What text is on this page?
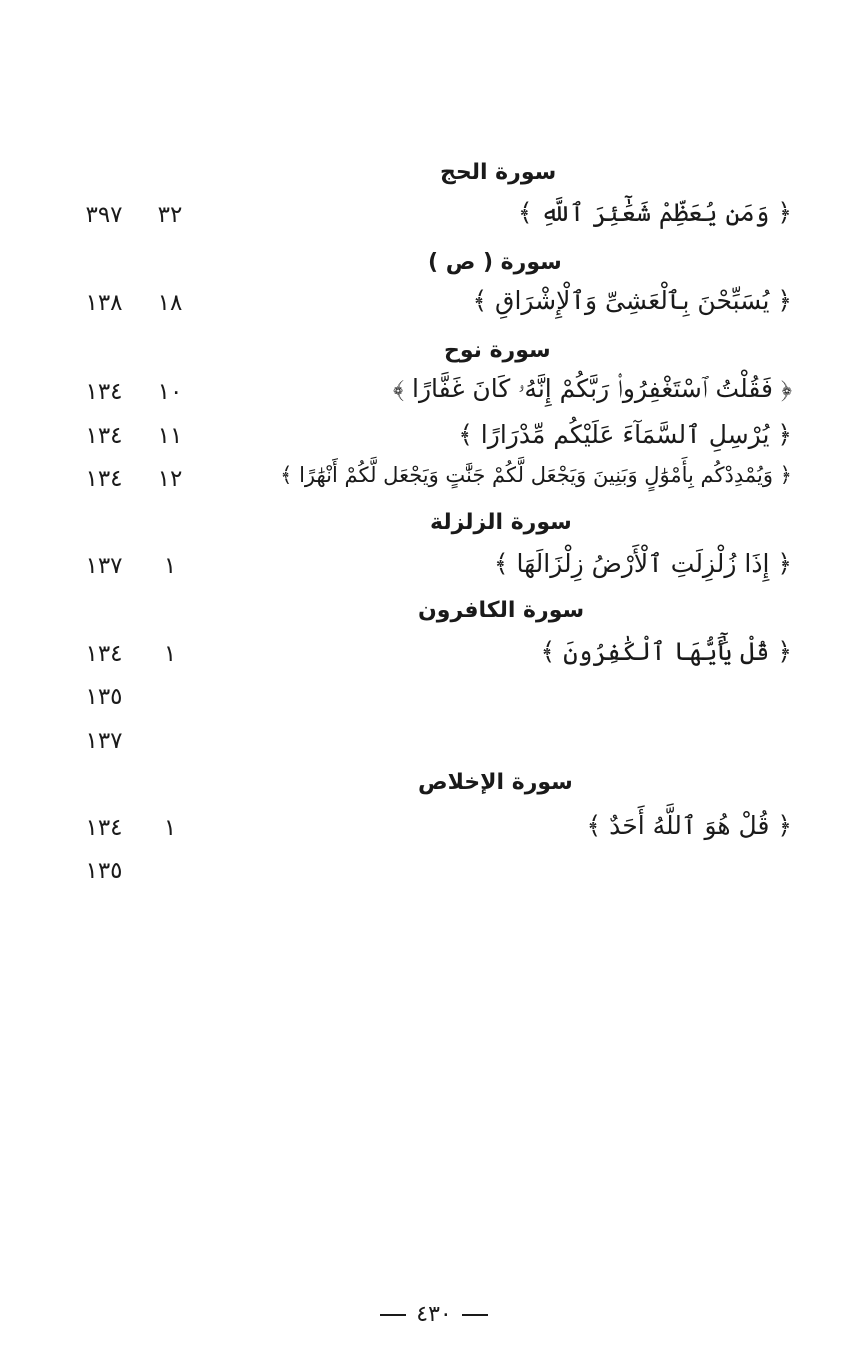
سورة الحج
﴿ وَمَن يُعَظِّمْ شَعَٰٓئِرَ ٱللَّهِ ﴾
٣٢
٣٩٧
سورة ( ص )
﴿ يُسَبِّحْنَ بِٱلْعَشِىِّ وَٱلْإِشْرَاقِ ﴾
١٨
١٣٨
سورة نوح
﴿ فَقُلْتُ ٱسْتَغْفِرُوا۟ رَبَّكُمْ إِنَّهُۥ كَانَ غَفَّارًا ﴾
١٠
١٣٤
﴿ يُرْسِلِ ٱلسَّمَآءَ عَلَيْكُم مِّدْرَارًا ﴾
١١
١٣٤
﴿ وَيُمْدِدْكُم بِأَمْوَٰلٍ وَبَنِينَ وَيَجْعَل لَّكُمْ جَنَّٰتٍ وَيَجْعَل لَّكُمْ أَنْهَٰرًا ﴾
١٢
١٣٤
سورة الزلزلة
﴿ إِذَا زُلْزِلَتِ ٱلْأَرْضُ زِلْزَالَهَا ﴾
١
١٣٧
سورة الكافرون
﴿ قُلْ يَٰٓأَيُّهَا ٱلْكَٰفِرُونَ ﴾
١
١٣٤
١٣٥
١٣٧
سورة الإخلاص
﴿ قُلْ هُوَ ٱللَّهُ أَحَدٌ ﴾
١
١٣٤
١٣٥
٤٣٠
